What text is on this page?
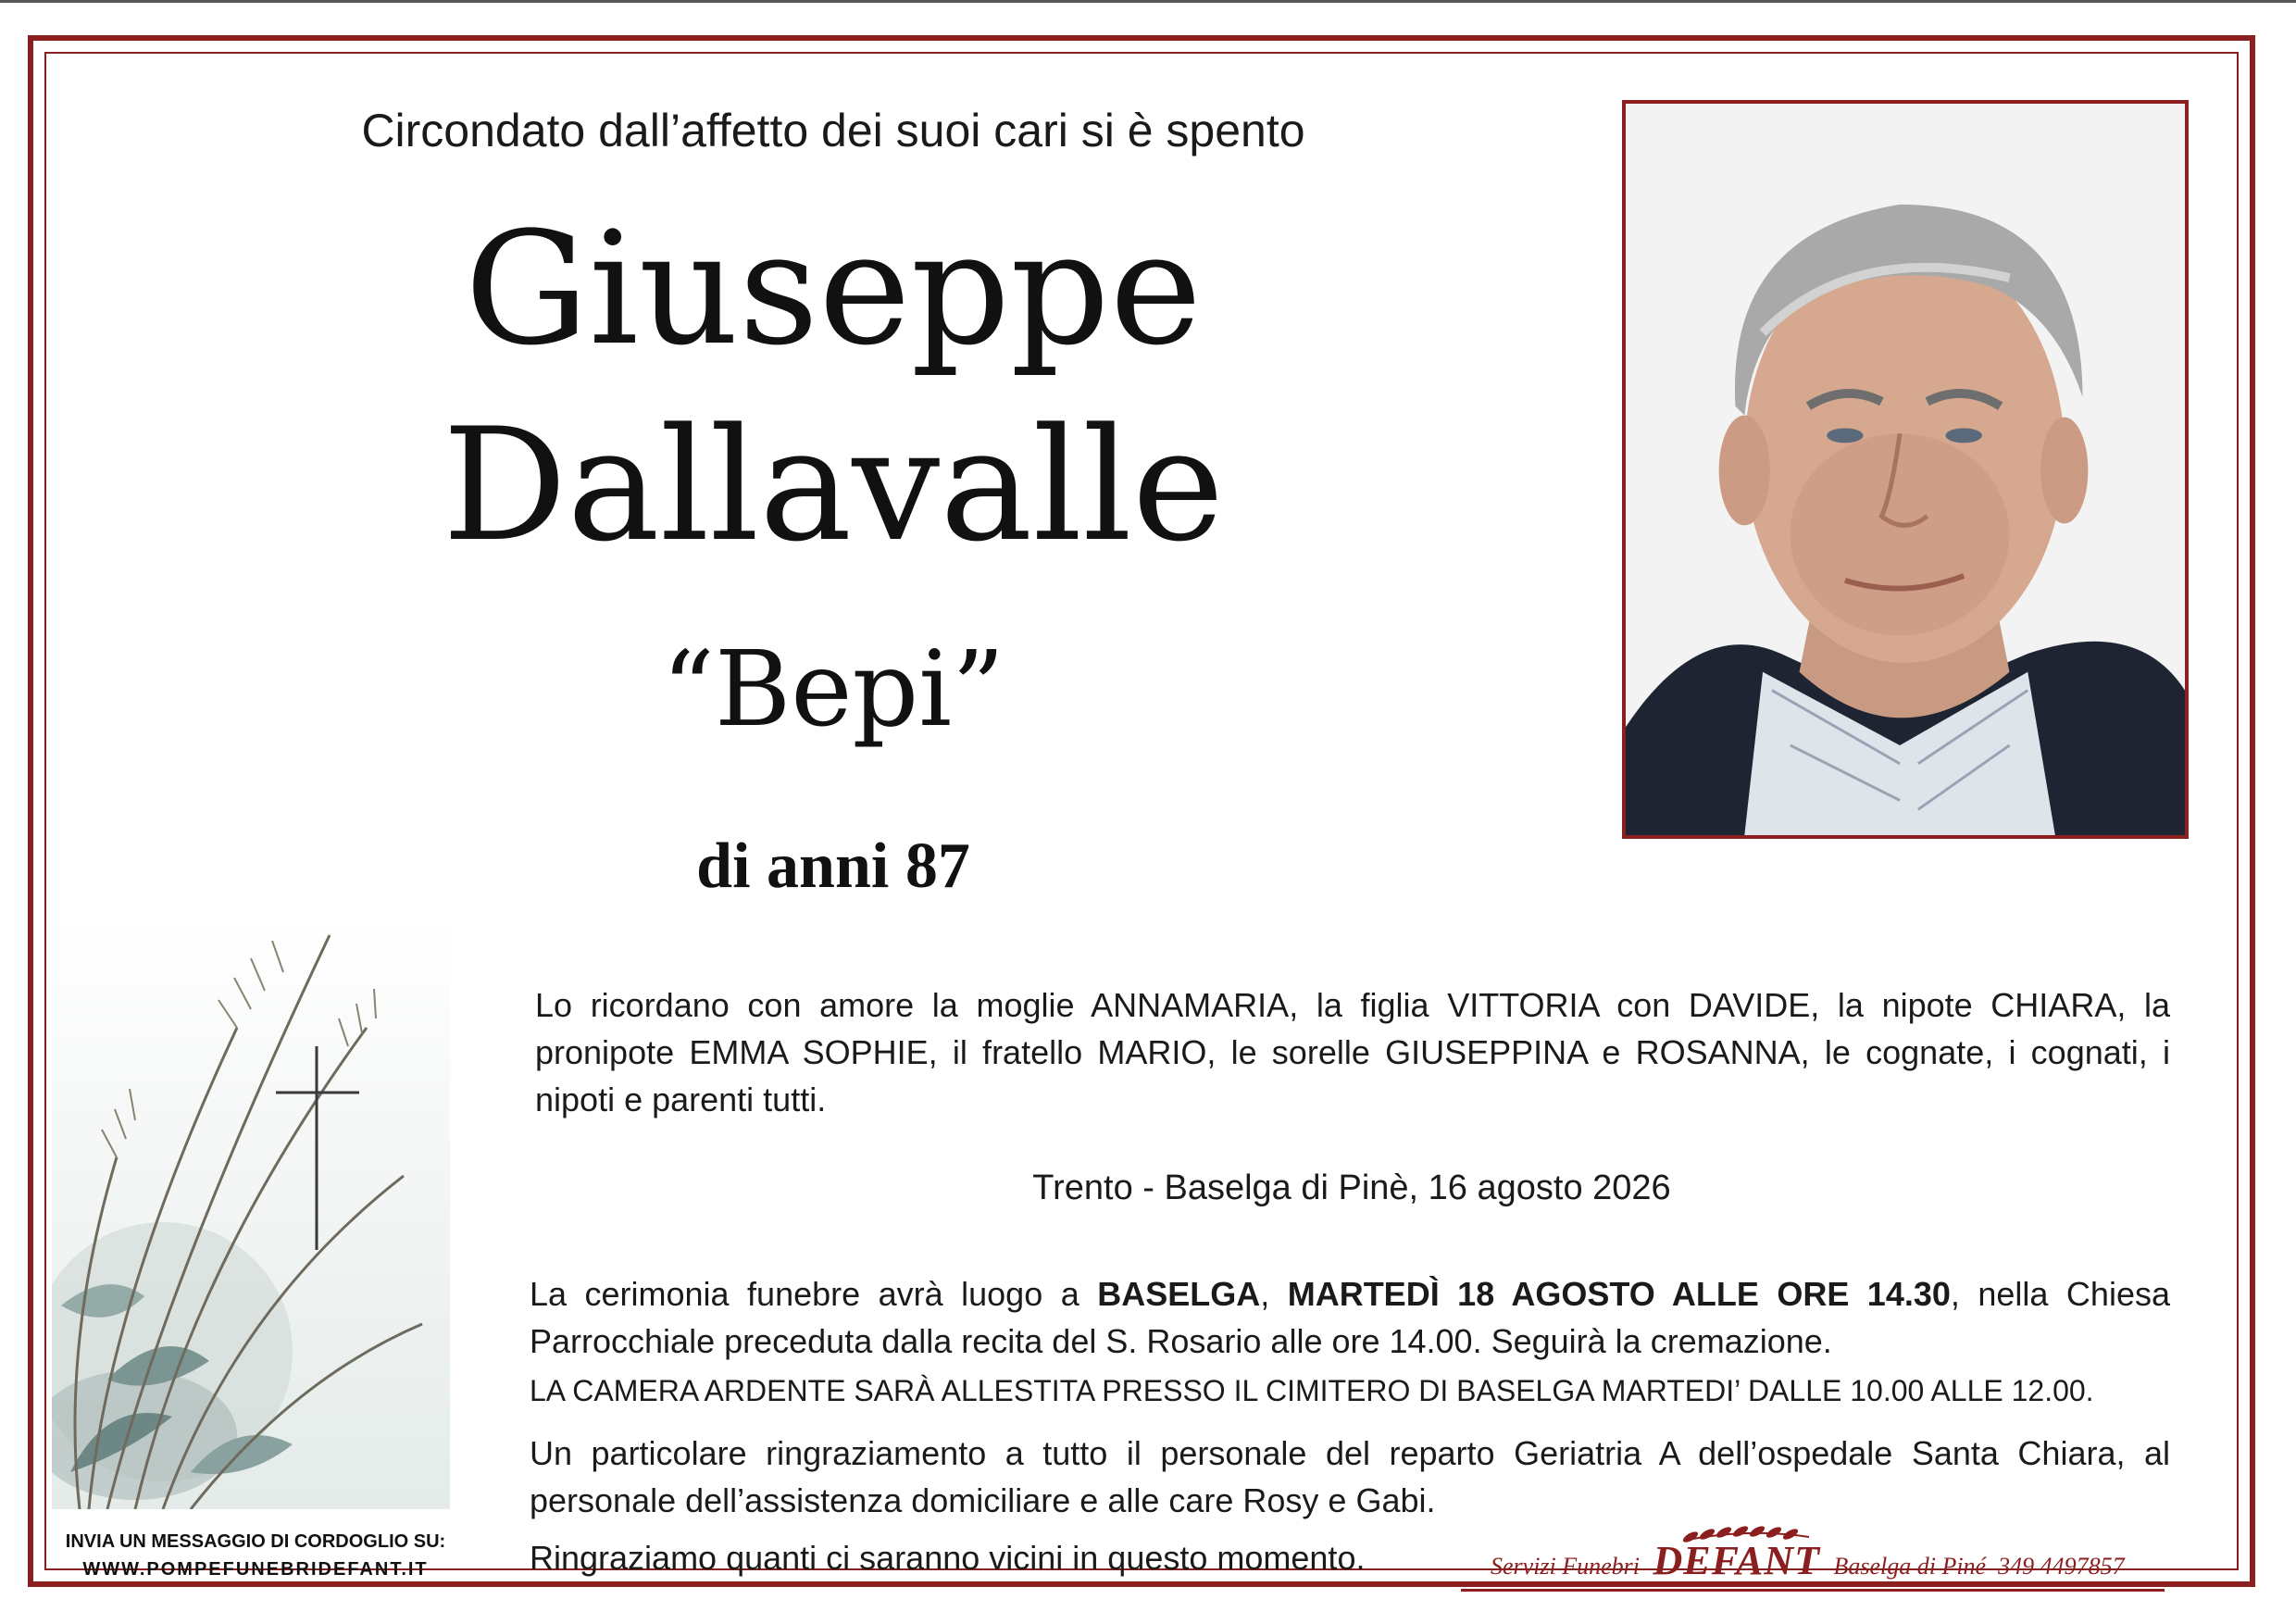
Circondato dall’affetto dei suoi cari si è spento
Giuseppe
Dallavalle
“Bepi”
di anni 87
Lo ricordano con amore la moglie ANNAMARIA, la figlia VITTORIA con DAVIDE, la nipote CHIARA, la pronipote EMMA SOPHIE, il fratello MARIO, le sorelle GIUSEPPINA e ROSANNA, le cognate, i cognati, i nipoti e parenti tutti.
Trento - Baselga di Pinè, 16 agosto 2026
La cerimonia funebre avrà luogo a BASELGA, MARTEDÌ 18 AGOSTO ALLE ORE 14.30, nella Chiesa Parrocchiale preceduta dalla recita del S. Rosario alle ore 14.00. Seguirà la cremazione.
LA CAMERA ARDENTE SARÀ ALLESTITA PRESSO IL CIMITERO DI BASELGA MARTEDI’ DALLE 10.00 ALLE 12.00.
Un particolare ringraziamento a tutto il personale del reparto Geriatria A dell’ospedale Santa Chiara, al personale dell’assistenza domiciliare e alle care Rosy e Gabi.
Ringraziamo quanti ci saranno vicini in questo momento.
INVIA UN MESSAGGIO DI CORDOGLIO SU:
WWW.POMPEFUNEBRIDEFANT.IT	Servizi Funebri DEFANT Baselga di Piné 349 4497857
